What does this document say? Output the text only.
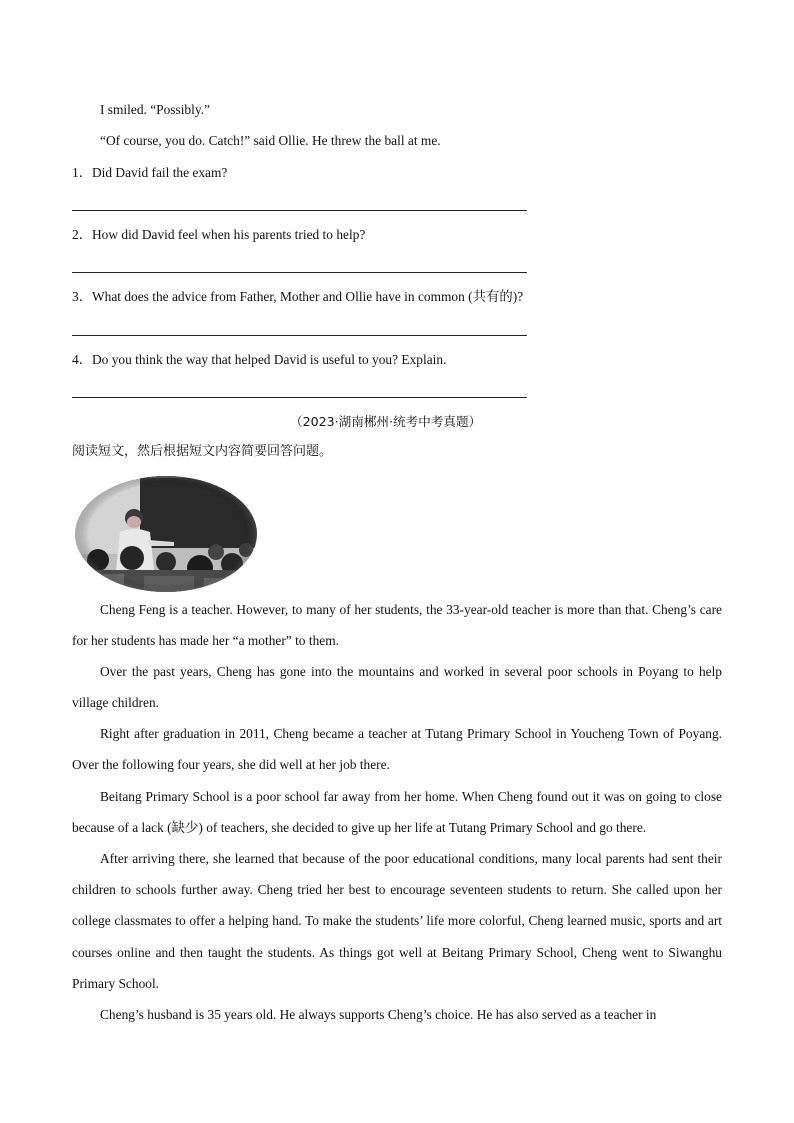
I smiled. “Possibly.”
“Of course, you do. Catch!” said Ollie. He threw the ball at me.
1．Did David fail the exam?
2．How did David feel when his parents tried to help?
3．What does the advice from Father, Mother and Ollie have in common (共有的)?
4．Do you think the way that helped David is useful to you? Explain.
（2023·湖南郴州·统考中考真题）
阅读短文，然后根据短文内容简要回答问题。
Cheng Feng is a teacher. However, to many of her students, the 33-year-old teacher is more than that. Cheng’s care for her students has made her “a mother” to them.
Over the past years, Cheng has gone into the mountains and worked in several poor schools in Poyang to help village children.
Right after graduation in 2011, Cheng became a teacher at Tutang Primary School in Youcheng Town of Poyang. Over the following four years, she did well at her job there.
Beitang Primary School is a poor school far away from her home. When Cheng found out it was on going to close because of a lack (缺少) of teachers, she decided to give up her life at Tutang Primary School and go there.
After arriving there, she learned that because of the poor educational conditions, many local parents had sent their children to schools further away. Cheng tried her best to encourage seventeen students to return. She called upon her college classmates to offer a helping hand. To make the students’ life more colorful, Cheng learned music, sports and art courses online and then taught the students. As things got well at Beitang Primary School, Cheng went to Siwanghu Primary School.
Cheng’s husband is 35 years old. He always supports Cheng’s choice. He has also served as a teacher in
